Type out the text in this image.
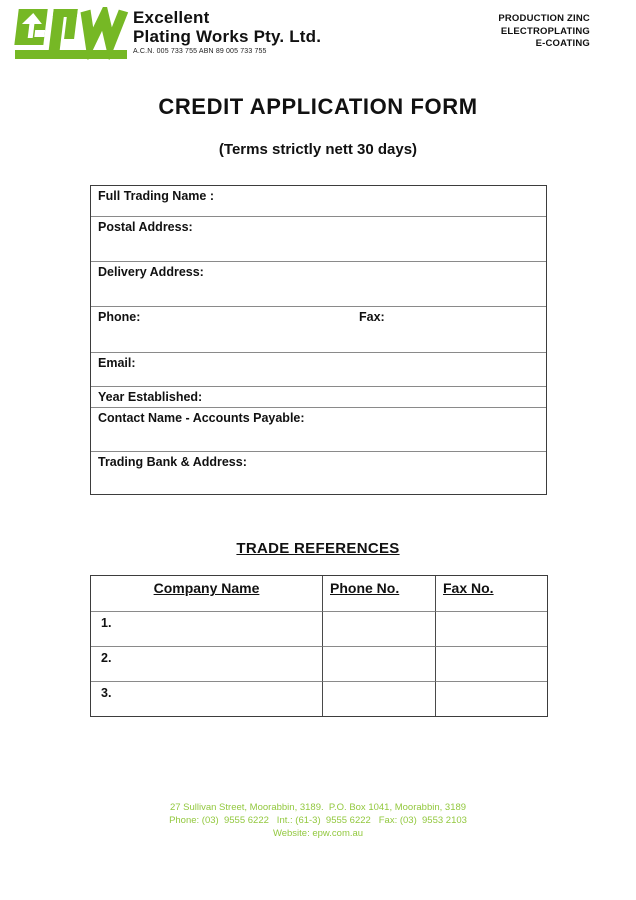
Excellent
Plating Works Pty. Ltd.
A.C.N. 005 733 755 ABN 89 005 733 755
PRODUCTION ZINC
ELECTROPLATING
E-COATING
CREDIT APPLICATION FORM
(Terms strictly nett 30 days)
Full Trading Name :
Postal Address:
Delivery Address:
Phone:	Fax:
Email:
Year Established:
Contact Name - Accounts Payable:
Trading Bank & Address:
TRADE REFERENCES
Company Name	Phone No.	Fax No.
1.
2.
3.
27 Sullivan Street, Moorabbin, 3189.  P.O. Box 1041, Moorabbin, 3189
Phone: (03)  9555 6222   Int.: (61-3)  9555 6222   Fax: (03)  9553 2103
Website: epw.com.au
